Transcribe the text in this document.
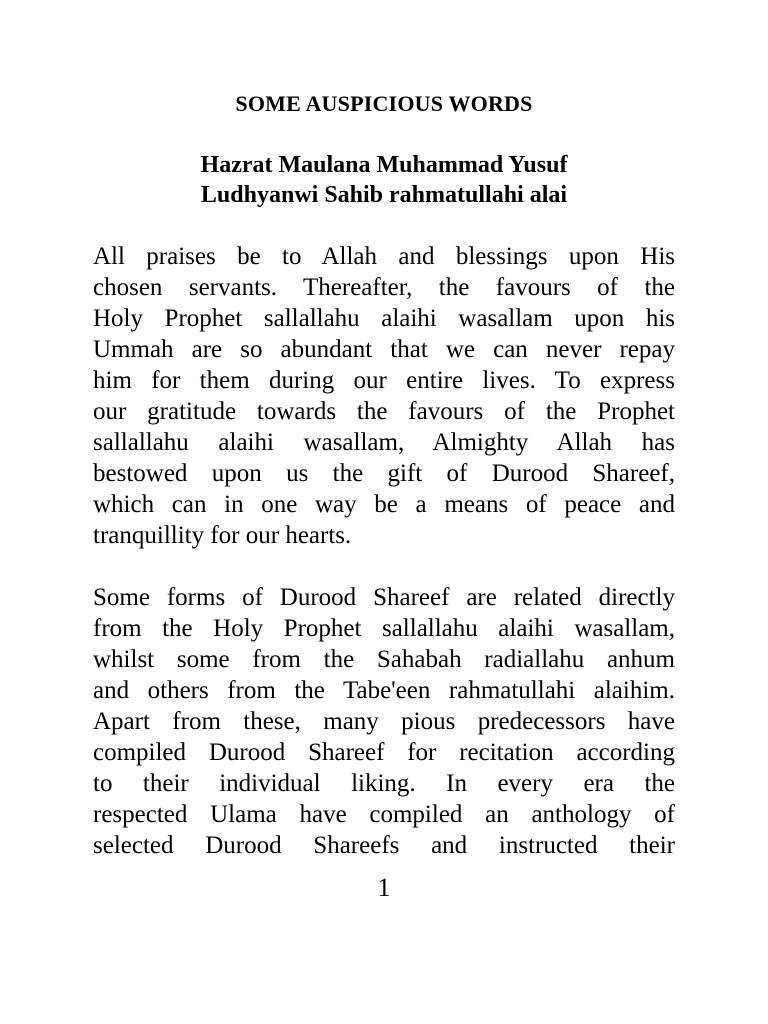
SOME AUSPICIOUS WORDS
Hazrat Maulana Muhammad Yusuf
Ludhyanwi Sahib rahmatullahi alai
All praises be to Allah and blessings upon His
chosen servants. Thereafter, the favours of the
Holy Prophet sallallahu alaihi wasallam upon his
Ummah are so abundant that we can never repay
him for them during our entire lives. To express
our gratitude towards the favours of the Prophet
sallallahu alaihi wasallam, Almighty Allah has
bestowed upon us the gift of Durood Shareef,
which can in one way be a means of peace and
tranquillity for our hearts.
Some forms of Durood Shareef are related directly
from the Holy Prophet sallallahu alaihi wasallam,
whilst some from the Sahabah radiallahu anhum
and others from the Tabe'een rahmatullahi alaihim.
Apart from these, many pious predecessors have
compiled Durood Shareef for recitation according
to their individual liking. In every era the
respected Ulama have compiled an anthology of
selected Durood Shareefs and instructed their
1
